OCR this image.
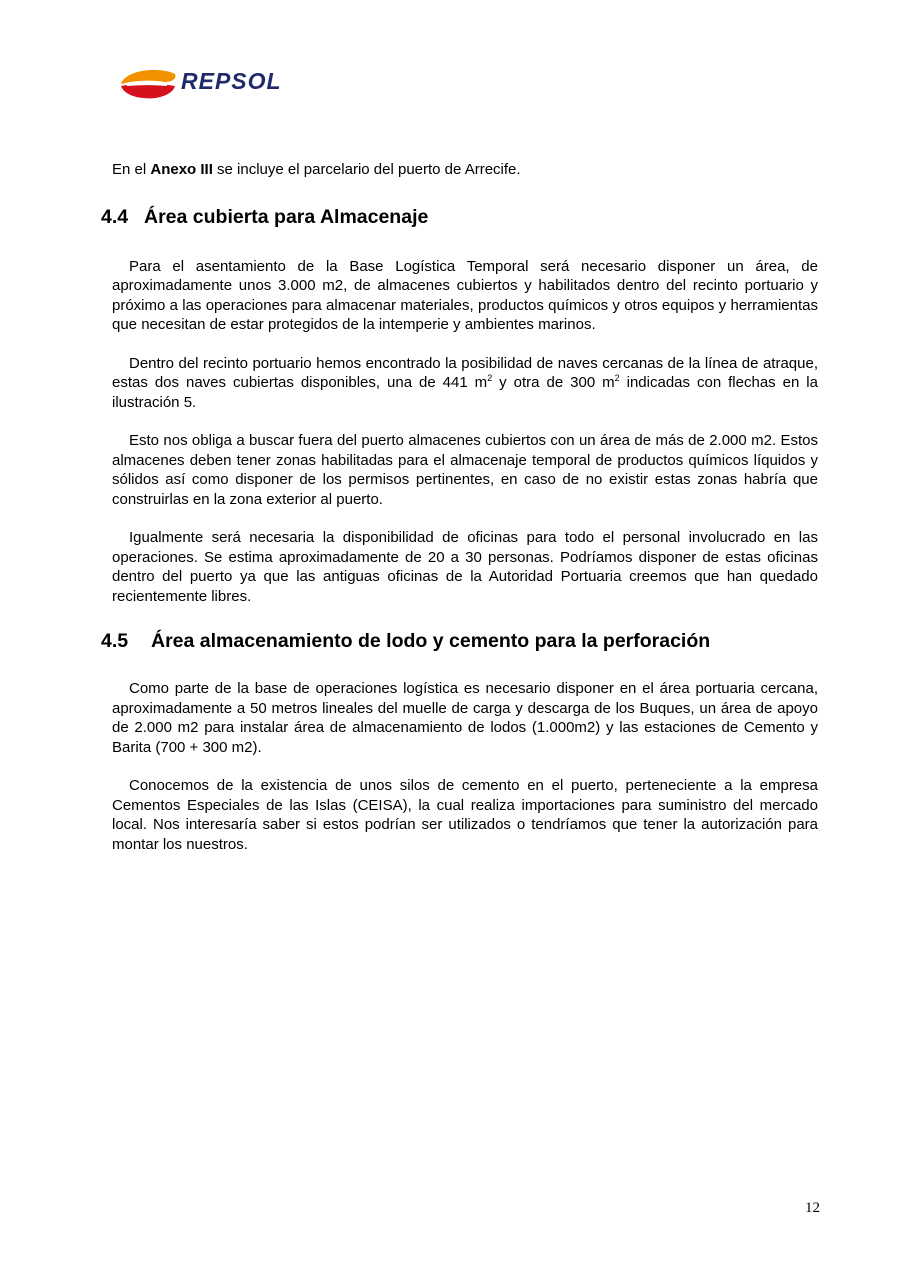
REPSOL

En el Anexo III se incluye el parcelario del puerto de Arrecife.

4.4 Área cubierta para Almacenaje

Para el asentamiento de la Base Logística Temporal será necesario disponer un área, de aproximadamente unos 3.000 m2, de almacenes cubiertos y habilitados dentro del recinto portuario y próximo a las operaciones para almacenar materiales, productos químicos y otros equipos y herramientas que necesitan de estar protegidos de la intemperie y ambientes marinos.

Dentro del recinto portuario hemos encontrado la posibilidad de naves cercanas de la línea de atraque, estas dos naves cubiertas disponibles, una de 441 $m^2$ y otra de 300 $m^2$ indicadas con flechas en la ilustración 5.

Esto nos obliga a buscar fuera del puerto almacenes cubiertos con un área de más de 2.000 m2. Estos almacenes deben tener zonas habilitadas para el almacenaje temporal de productos químicos líquidos y sólidos así como disponer de los permisos pertinentes, en caso de no existir estas zonas habría que construirlas en la zona exterior al puerto.

Igualmente será necesaria la disponibilidad de oficinas para todo el personal involucrado en las operaciones. Se estima aproximadamente de 20 a 30 personas. Podríamos disponer de estas oficinas dentro del puerto ya que las antiguas oficinas de la Autoridad Portuaria creemos que han quedado recientemente libres.

4.5 Área almacenamiento de lodo y cemento para la perforación

Como parte de la base de operaciones logística es necesario disponer en el área portuaria cercana, aproximadamente a 50 metros lineales del muelle de carga y descarga de los Buques, un área de apoyo de 2.000 m2 para instalar área de almacenamiento de lodos (1.000m2) y las estaciones de Cemento y Barita (700 + 300 m2).

Conocemos de la existencia de unos silos de cemento en el puerto, perteneciente a la empresa Cementos Especiales de las Islas (CEISA), la cual realiza importaciones para suministro del mercado local. Nos interesaría saber si estos podrían ser utilizados o tendríamos que tener la autorización para montar los nuestros.

12
